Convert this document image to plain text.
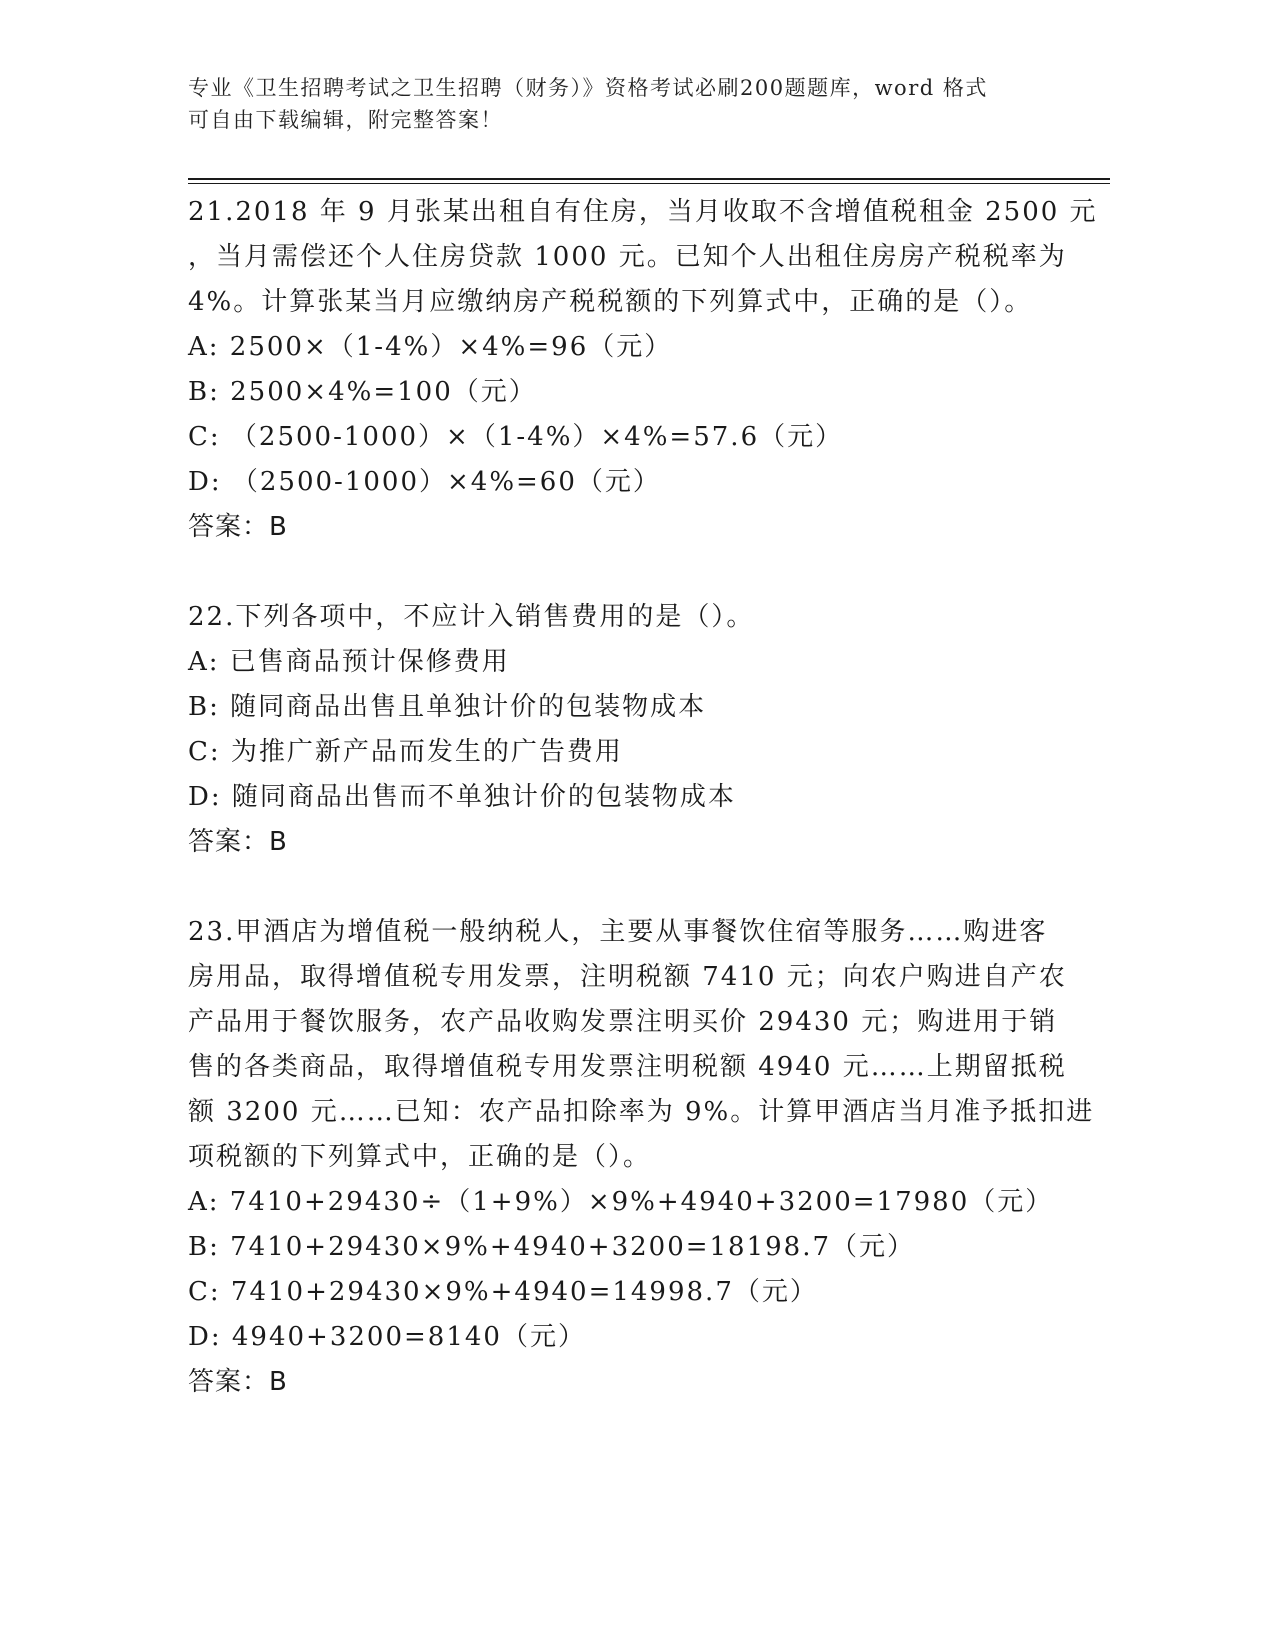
专业《卫生招聘考试之卫生招聘（财务）》资格考试必刷200题题库，word 格式
可自由下载编辑，附完整答案！
21.2018 年 9 月张某出租自有住房，当月收取不含增值税租金 2500 元
，当月需偿还个人住房贷款 1000 元。已知个人出租住房房产税税率为
4%。计算张某当月应缴纳房产税税额的下列算式中，正确的是（）。
A: 2500×（1-4%）×4%=96（元）
B: 2500×4%=100（元）
C: （2500-1000）×（1-4%）×4%=57.6（元）
D: （2500-1000）×4%=60（元）
答案：B
22.下列各项中，不应计入销售费用的是（）。
A: 已售商品预计保修费用
B: 随同商品出售且单独计价的包装物成本
C: 为推广新产品而发生的广告费用
D: 随同商品出售而不单独计价的包装物成本
答案：B
23.甲酒店为增值税一般纳税人，主要从事餐饮住宿等服务……购进客
房用品，取得增值税专用发票，注明税额 7410 元；向农户购进自产农
产品用于餐饮服务，农产品收购发票注明买价 29430 元；购进用于销
售的各类商品，取得增值税专用发票注明税额 4940 元……上期留抵税
额 3200 元……已知：农产品扣除率为 9%。计算甲酒店当月准予抵扣进
项税额的下列算式中，正确的是（）。
A: 7410+29430÷（1+9%）×9%+4940+3200=17980（元）
B: 7410+29430×9%+4940+3200=18198.7（元）
C: 7410+29430×9%+4940=14998.7（元）
D: 4940+3200=8140（元）
答案：B
